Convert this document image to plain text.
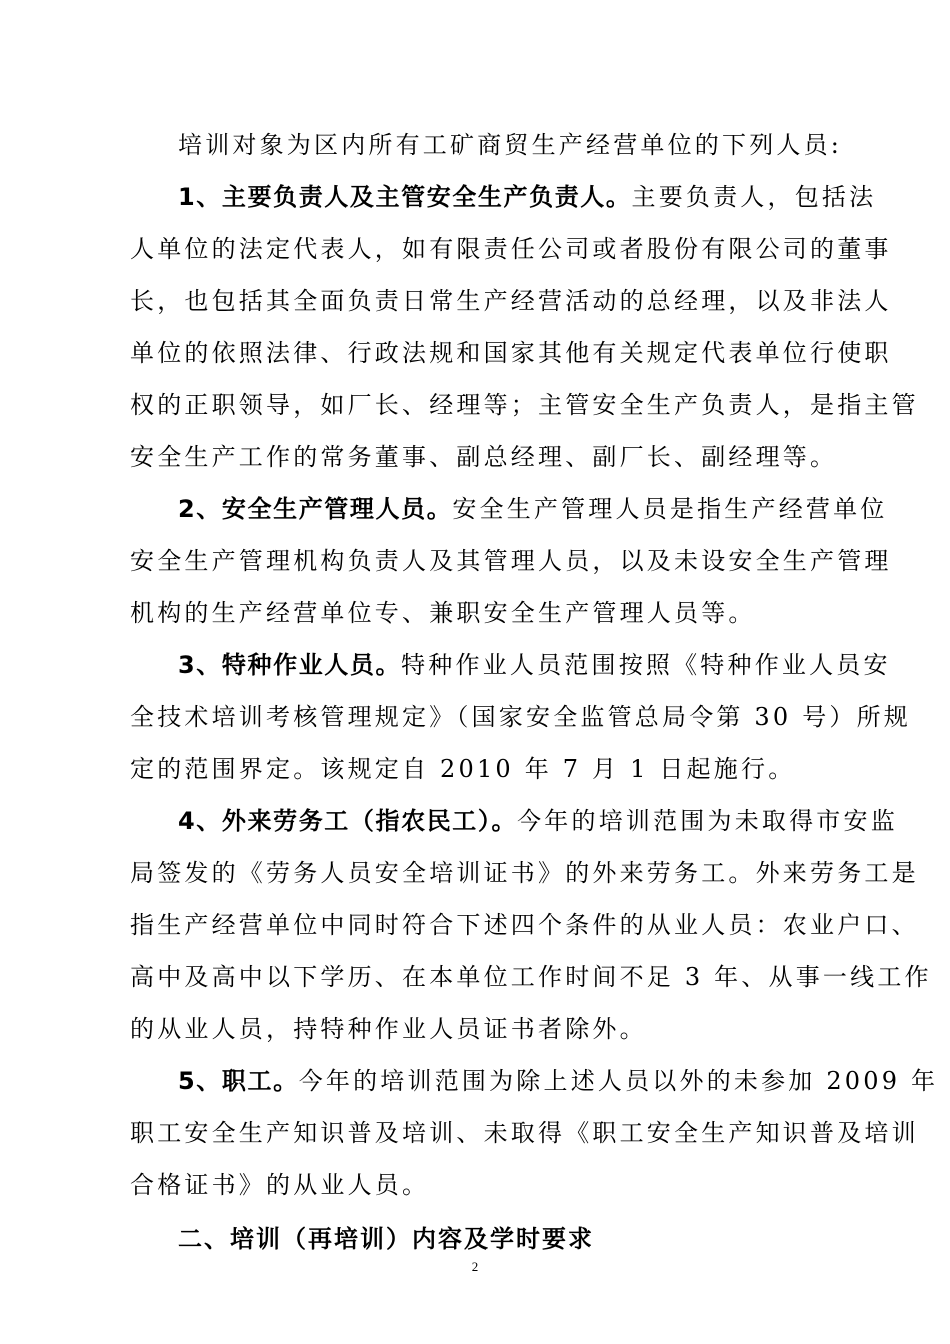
培训对象为区内所有工矿商贸生产经营单位的下列人员:
1、主要负责人及主管安全生产负责人。主要负责人，包括法
人单位的法定代表人，如有限责任公司或者股份有限公司的董事
长，也包括其全面负责日常生产经营活动的总经理，以及非法人
单位的依照法律、行政法规和国家其他有关规定代表单位行使职
权的正职领导，如厂长、经理等；主管安全生产负责人，是指主管
安全生产工作的常务董事、副总经理、副厂长、副经理等。
2、安全生产管理人员。安全生产管理人员是指生产经营单位
安全生产管理机构负责人及其管理人员，以及未设安全生产管理
机构的生产经营单位专、兼职安全生产管理人员等。
3、特种作业人员。特种作业人员范围按照《特种作业人员安
全技术培训考核管理规定》（国家安全监管总局令第 30 号）所规
定的范围界定。该规定自 2010 年 7 月 1 日起施行。
4、外来劳务工（指农民工）。今年的培训范围为未取得市安监
局签发的《劳务人员安全培训证书》的外来劳务工。外来劳务工是
指生产经营单位中同时符合下述四个条件的从业人员：农业户口、
高中及高中以下学历、在本单位工作时间不足 3 年、从事一线工作
的从业人员，持特种作业人员证书者除外。
5、职工。今年的培训范围为除上述人员以外的未参加 2009 年
职工安全生产知识普及培训、未取得《职工安全生产知识普及培训
合格证书》的从业人员。
二、培训（再培训）内容及学时要求
2
